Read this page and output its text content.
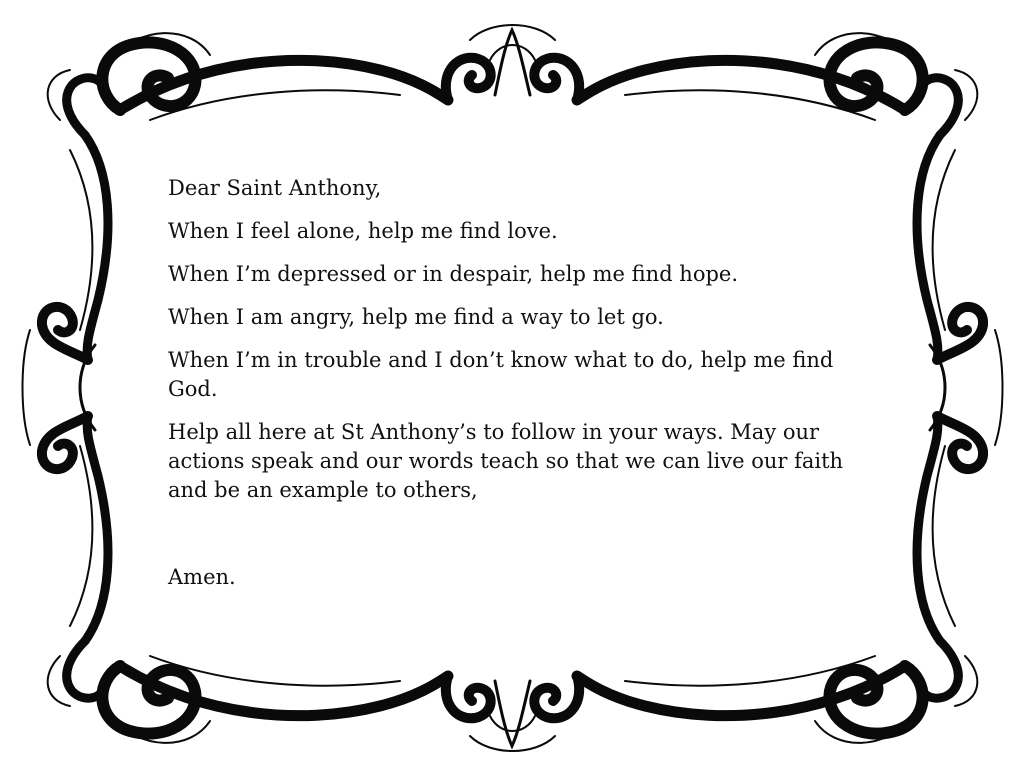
Dear Saint Anthony,

When I feel alone, help me find love.

When I’m depressed or in despair, help me find hope.

When I am angry, help me find a way to let go.

When I’m in trouble and I don’t know what to do, help me find God.

Help all here at St Anthony’s to follow in your ways. May our actions speak and our words teach so that we can live our faith and be an example to others,

Amen.
